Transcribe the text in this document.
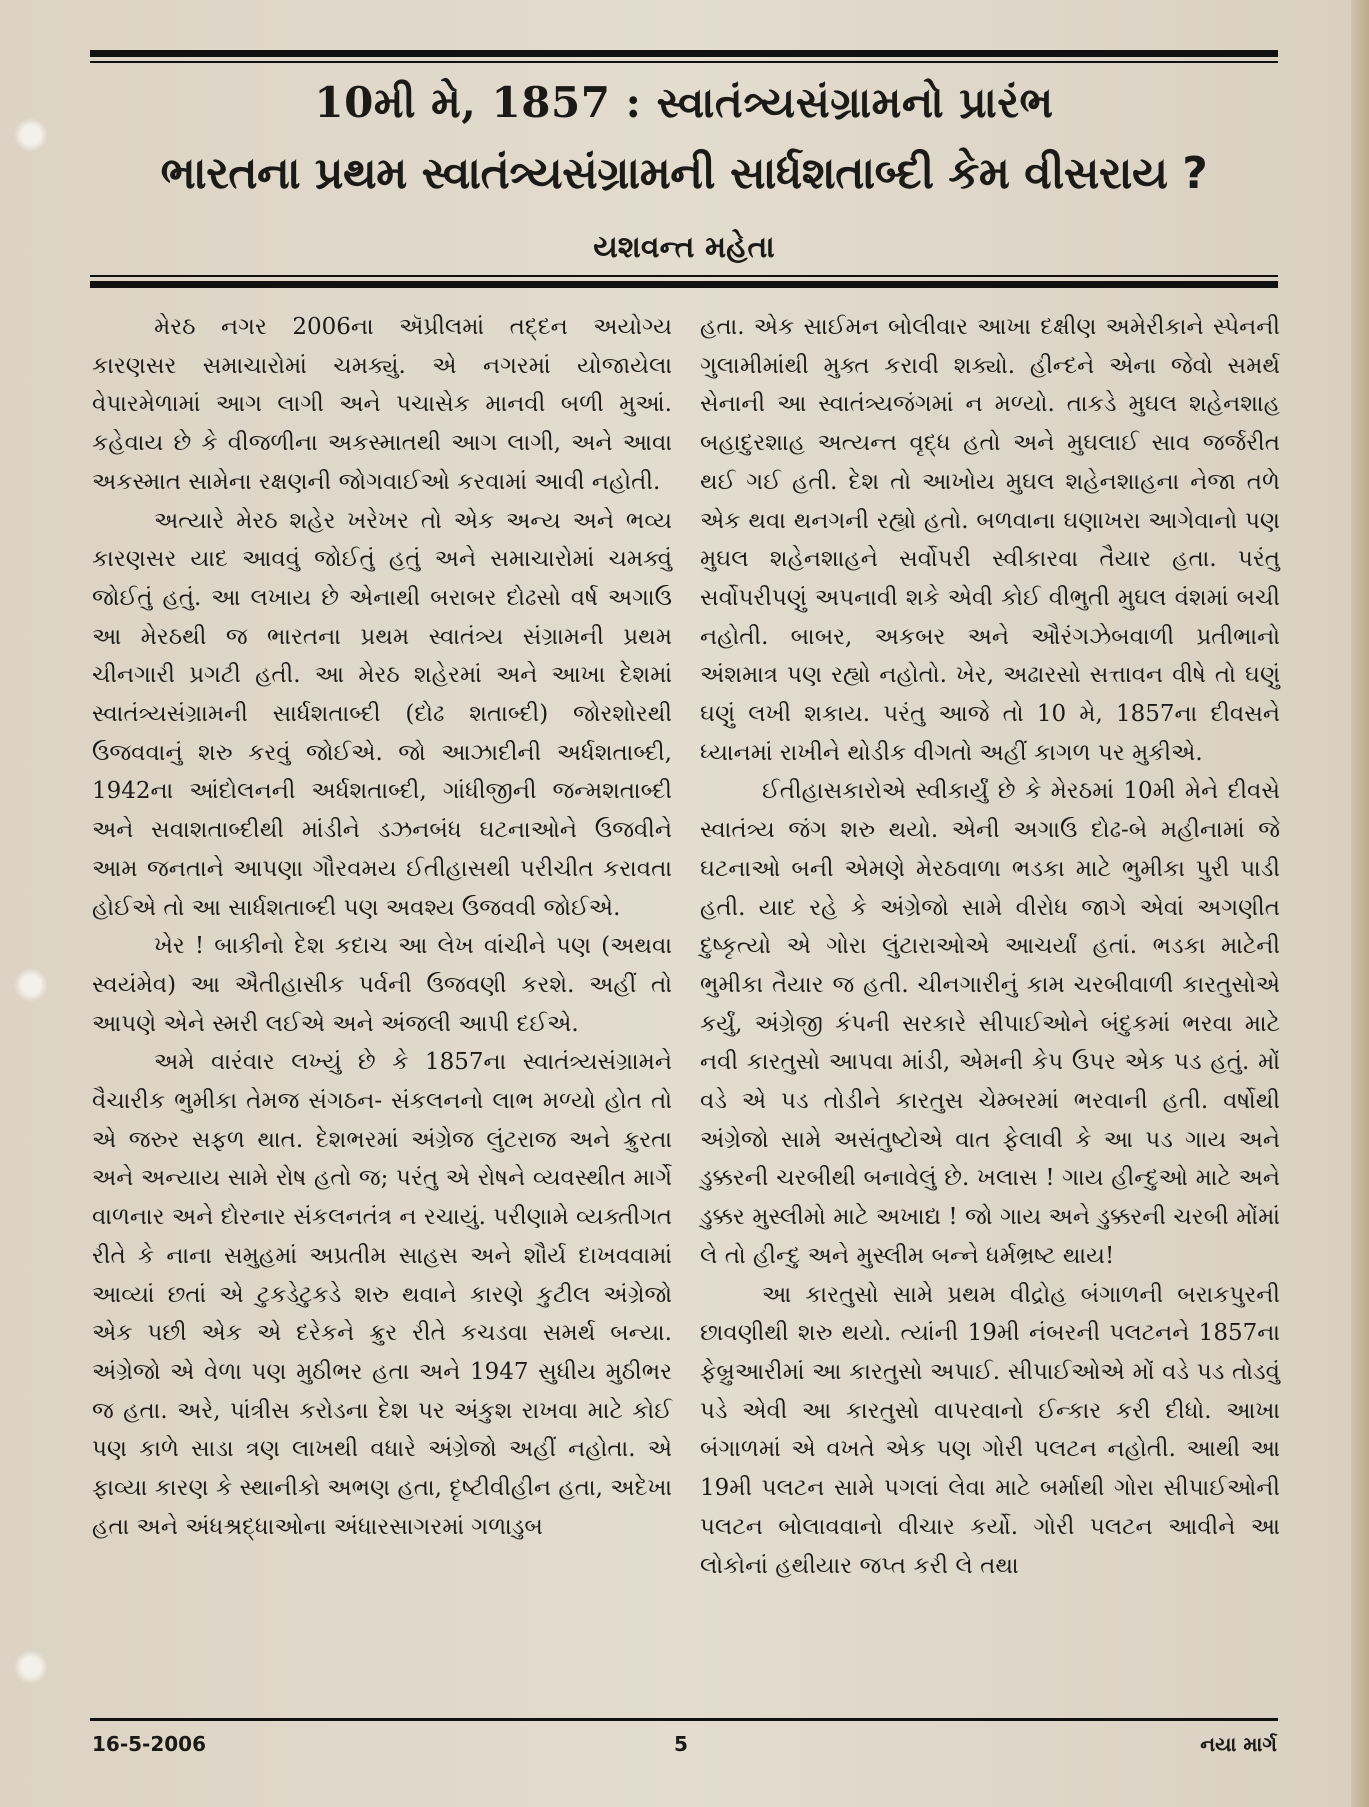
10મી મે, 1857 : સ્વાતંત્ર્યસંગ્રામનો પ્રારંભ
ભારતના પ્રથમ સ્વાતંત્ર્યસંગ્રામની સાર્ધશતાબ્દી કેમ વીસરાય ?
યશવન્ત મહેતા

મેરઠ નગર 2006ના ઍપ્રીલમાં તદ્દન અયોગ્ય કારણસર સમાચારોમાં ચમક્યું. એ નગરમાં યોજાયેલા વેપારમેળામાં આગ લાગી અને પચાસેક માનવી બળી મુઆં. કહેવાય છે કે વીજળીના અકસ્માતથી આગ લાગી, અને આવા અકસ્માત સામેના રક્ષણની જોગવાઈઓ કરવામાં આવી નહોતી.

અત્યારે મેરઠ શહેર ખરેખર તો એક અન્ય અને ભવ્ય કારણસર યાદ આવવું જોઈતું હતું અને સમાચારોમાં ચમક્વું જોઈતું હતું. આ લખાય છે એનાથી બરાબર દોઢસો વર્ષ અગાઉ આ મેરઠથી જ ભારતના પ્રથમ સ્વાતંત્ર્ય સંગ્રામની પ્રથમ ચીનગારી પ્રગટી હતી. આ મેરઠ શહેરમાં અને આખા દેશમાં સ્વાતંત્ર્યસંગ્રામની સાર્ધશતાબ્દી (દોઢ શતાબ્દી) જોરશોરથી ઉજવવાનું શરુ કરવું જોઈએ. જો આઝાદીની અર્ધશતાબ્દી, 1942ના આંદોલનની અર્ધશતાબ્દી, ગાંધીજીની જન્મશતાબ્દી અને સવાશતાબ્દીથી માંડીને ડઝનબંધ ઘટનાઓને ઉજવીને આમ જનતાને આપણા ગૌરવમય ઈતીહાસથી પરીચીત કરાવતા હોઈએ તો આ સાર્ધશતાબ્દી પણ અવશ્ય ઉજવવી જોઈએ.

ખેર ! બાકીનો દેશ કદાચ આ લેખ વાંચીને પણ (અથવા સ્વયંમેવ) આ ઐતીહાસીક પર્વની ઉજવણી કરશે. અહીં તો આપણે એને સ્મરી લઈએ અને અંજલી આપી દઈએ.

અમે વારંવાર લખ્યું છે કે 1857ના સ્વાતંત્ર્યસંગ્રામને વૈચારીક ભુમીકા તેમજ સંગઠન- સંકલનનો લાભ મળ્યો હોત તો એ જરુર સફળ થાત. દેશભરમાં અંગ્રેજ લુંટરાજ અને ક્રુરતા અને અન્યાય સામે રોષ હતો જ; પરંતુ એ રોષને વ્યવસ્થીત માર્ગે વાળનાર અને દોરનાર સંકલનતંત્ર ન રચાયું. પરીણામે વ્યક્તીગત રીતે કે નાના સમુહમાં અપ્રતીમ સાહસ અને શૌર્ય દાખવવામાં આવ્યાં છતાં એ ટુકડેટુકડે શરુ થવાને કારણે કુટીલ અંગ્રેજો એક પછી એક એ દરેકને ક્રુર રીતે કચડવા સમર્થ બન્યા. અંગ્રેજો એ વેળા પણ મુઠીભર હતા અને 1947 સુધીય મુઠીભર જ હતા. અરે, પાંત્રીસ કરોડના દેશ પર અંકુશ રાખવા માટે કોઈ પણ કાળે સાડા ત્રણ લાખથી વધારે અંગ્રેજો અહીં નહોતા. એ ફાવ્યા કારણ કે સ્થાનીકો અભણ હતા, દૃષ્ટીવીહીન હતા, અદેખા હતા અને અંધશ્રદ્ધાઓના અંધારસાગરમાં ગળાડુબ

હતા. એક સાઈમન બોલીવાર આખા દક્ષીણ અમેરીકાને સ્પેનની ગુલામીમાંથી મુક્ત કરાવી શક્યો. હીન્દને એના જેવો સમર્થ સેનાની આ સ્વાતંત્ર્યજંગમાં ન મળ્યો. તાકડે મુઘલ શહેનશાહ બહાદુરશાહ અત્યન્ત વૃદ્ધ હતો અને મુઘલાઈ સાવ જર્જરીત થઈ ગઈ હતી. દેશ તો આખોય મુઘલ શહેનશાહના નેજા તળે એક થવા થનગની રહ્યો હતો. બળવાના ઘણાખરા આગેવાનો પણ મુઘલ શહેનશાહને સર્વોપરી સ્વીકારવા તૈયાર હતા. પરંતુ સર્વોપરીપણું અપનાવી શકે એવી કોઈ વીભુતી મુઘલ વંશમાં બચી નહોતી. બાબર, અકબર અને ઔરંગઝેબવાળી પ્રતીભાનો અંશમાત્ર પણ રહ્યો નહોતો. ખેર, અઢારસો સત્તાવન વીષે તો ઘણું ઘણું લખી શકાય. પરંતુ આજે તો 10 મે, 1857ના દીવસને ધ્યાનમાં રાખીને થોડીક વીગતો અહીં કાગળ પર મુકીએ.

ઈતીહાસકારોએ સ્વીકાર્યું છે કે મેરઠમાં 10મી મેને દીવસે સ્વાતંત્ર્ય જંગ શરુ થયો. એની અગાઉ દોઢ-બે મહીનામાં જે ઘટનાઓ બની એમણે મેરઠવાળા ભડકા માટે ભુમીકા પુરી પાડી હતી. યાદ રહે કે અંગ્રેજો સામે વીરોધ જાગે એવાં અગણીત દુષ્કૃત્યો એ ગોરા લુંટારાઓએ આચર્યાં હતાં. ભડકા માટેની ભુમીકા તૈયાર જ હતી. ચીનગારીનું કામ ચરબીવાળી કારતુસોએ કર્યું, અંગ્રેજી કંપની સરકારે સીપાઈઓને બંદુકમાં ભરવા માટે નવી કારતુસો આપવા માંડી, એમની કેપ ઉપર એક પડ હતું. મોં વડે એ પડ તોડીને કારતુસ ચેમ્બરમાં ભરવાની હતી. વર્ષોથી અંગ્રેજો સામે અસંતુષ્ટોએ વાત ફેલાવી કે આ પડ ગાય અને ડુક્કરની ચરબીથી બનાવેલું છે. ખલાસ ! ગાય હીન્દુઓ માટે અને ડુક્કર મુસ્લીમો માટે અખાદ્ય ! જો ગાય અને ડુક્કરની ચરબી મોંમાં લે તો હીન્દુ અને મુસ્લીમ બન્ને ધર્મભ્રષ્ટ થાય!

આ કારતુસો સામે પ્રથમ વીદ્રોહ બંગાળની બરાકપુરની છાવણીથી શરુ થયો. ત્યાંની 19મી નંબરની પલટનને 1857ના ફેબ્રુઆરીમાં આ કારતુસો અપાઈ. સીપાઈઓએ મોં વડે પડ તોડવું પડે એવી આ કારતુસો વાપરવાનો ઈન્કાર કરી દીધો. આખા બંગાળમાં એ વખતે એક પણ ગોરી પલટન નહોતી. આથી આ 19મી પલટન સામે પગલાં લેવા માટે બર્માથી ગોરા સીપાઈઓની પલટન બોલાવવાનો વીચાર કર્યો. ગોરી પલટન આવીને આ લોકોનાં હથીયાર જપ્ત કરી લે તથા

16-5-2006	5	નયા માર્ગ
